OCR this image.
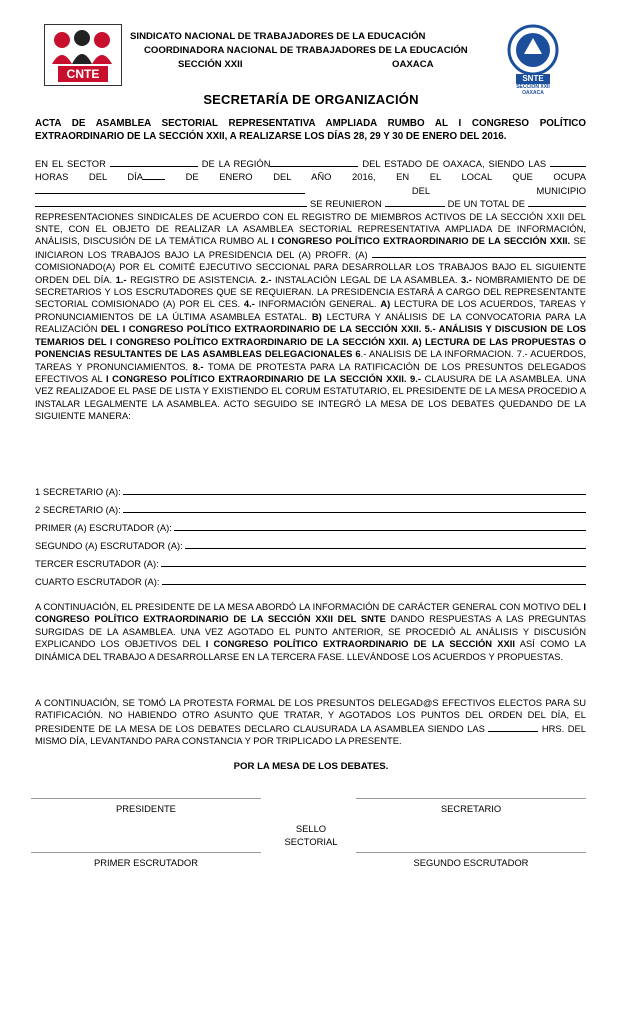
CNTE
SINDICATO NACIONAL DE TRABAJADORES DE LA EDUCACIÓN
COORDINADORA NACIONAL DE TRABAJADORES DE LA EDUCACIÓN
SECCIÓN XXII	OAXACA
SNTE
SECCION XXII OAXACA
SECRETARÍA DE ORGANIZACIÓN
ACTA DE ASAMBLEA SECTORIAL REPRESENTATIVA AMPLIADA RUMBO AL I CONGRESO POLÍTICO EXTRAORDINARIO DE LA SECCIÓN XXII, A REALIZARSE LOS DÍAS 28, 29 Y 30 DE ENERO DEL 2016.
EN EL SECTOR	DE LA REGIÓN	DEL ESTADO DE OAXACA, SIENDO LAS HORAS DEL DÍA DE ENERO DEL AÑO 2016, EN EL LOCAL QUE OCUPA  DEL MUNICIPIO  SE REUNIERON	DE UN TOTAL DE  REPRESENTACIONES SINDICALES DE ACUERDO CON EL REGISTRO DE MIEMBROS ACTIVOS DE LA SECCIÓN XXII DEL SNTE, CON EL OBJETO DE REALIZAR LA ASAMBLEA SECTORIAL REPRESENTATIVA AMPLIADA DE INFORMACIÓN, ANÁLISIS, DISCUSIÓN DE LA TEMÁTICA RUMBO AL I CONGRESO POLÍTICO EXTRAORDINARIO DE LA SECCIÓN XXII. SE INICIARON LOS TRABAJOS BAJO LA PRESIDENCIA DEL (A) PROFR. (A)  COMISIONADO(A) POR EL COMITÉ EJECUTIVO SECCIONAL PARA DESARROLLAR LOS TRABAJOS BAJO EL SIGUIENTE ORDEN DEL DÍA. 1.- REGISTRO DE ASISTENCIA. 2.- INSTALACIÓN LEGAL DE LA ASAMBLEA. 3.- NOMBRAMIENTO DE DE SECRETARIOS Y LOS ESCRUTADORES QUE SE REQUIERAN. LA PRESIDENCIA ESTARÁ A CARGO DEL REPRESENTANTE SECTORIAL COMISIONADO (A) POR EL CES. 4.- INFORMACIÓN GENERAL. A) LECTURA DE LOS ACUERDOS, TAREAS Y PRONUNCIAMIENTOS DE LA ÚLTIMA ASAMBLEA ESTATAL. B) LECTURA Y ANÁLISIS DE LA CONVOCATORIA PARA LA REALIZACIÓN DEL I CONGRESO POLÍTICO EXTRAORDINARIO DE LA SECCIÓN XXII. 5.- ANÁLISIS Y DISCUSION DE LOS TEMARIOS DEL I CONGRESO POLÍTICO EXTRAORDINARIO DE LA SECCIÓN XXII. A) LECTURA DE LAS PROPUESTAS O PONENCIAS RESULTANTES DE LAS ASAMBLEAS DELEGACIONALES 6.- ANALISIS DE LA INFORMACION. 7.- ACUERDOS, TAREAS Y PRONUNCIAMIENTOS. 8.- TOMA DE PROTESTA PARA LA RATIFICACIÓN DE LOS PRESUNTOS DELEGADOS EFECTIVOS AL I CONGRESO POLÍTICO EXTRAORDINARIO DE LA SECCIÓN XXII. 9.- CLAUSURA DE LA ASAMBLEA. UNA VEZ REALIZADOE EL PASE DE LISTA Y EXISTIENDO EL CORUM ESTATUTARIO, EL PRESIDENTE DE LA MESA PROCEDIO A INSTALAR LEGALMENTE LA ASAMBLEA. ACTO SEGUIDO SE INTEGRÓ LA MESA DE LOS DEBATES QUEDANDO DE LA SIGUIENTE MANERA:
1 SECRETARIO (A):
2 SECRETARIO (A):
PRIMER (A) ESCRUTADOR (A):
SEGUNDO (A) ESCRUTADOR (A):
TERCER ESCRUTADOR (A):
CUARTO ESCRUTADOR (A):
A CONTINUACIÓN, EL PRESIDENTE DE LA MESA ABORDÓ LA INFORMACIÓN DE CARÁCTER GENERAL CON MOTIVO DEL I CONGRESO POLÍTICO EXTRAORDINARIO DE LA SECCIÓN XXII DEL SNTE DANDO RESPUESTAS A LAS PREGUNTAS SURGIDAS DE LA ASAMBLEA. UNA VEZ AGOTADO EL PUNTO ANTERIOR, SE PROCEDIÓ AL ANÁLISIS Y DISCUSIÓN EXPLICANDO LOS OBJETIVOS DEL I CONGRESO POLÍTICO EXTRAORDINARIO DE LA SECCIÓN XXII ASÍ COMO LA DINÁMICA DEL TRABAJO A DESARROLLARSE EN LA TERCERA FASE. LLEVÁNDOSE LOS ACUERDOS Y PROPUESTAS.
A CONTINUACIÓN, SE TOMÓ LA PROTESTA FORMAL DE LOS PRESUNTOS DELEGAD@S EFECTIVOS ELECTOS PARA SU RATIFICACIÓN. NO HABIENDO OTRO ASUNTO QUE TRATAR, Y AGOTADOS LOS PUNTOS DEL ORDEN DEL DÍA, EL PRESIDENTE DE LA MESA DE LOS DEBATES DECLARO CLAUSURADA LA ASAMBLEA SIENDO LAS	HRS. DEL MISMO DÍA, LEVANTANDO PARA CONSTANCIA Y POR TRIPLICADO LA PRESENTE.
POR LA MESA DE LOS DEBATES.
PRESIDENTE	SECRETARIO
SELLO
SECTORIAL
PRIMER ESCRUTADOR	SEGUNDO ESCRUTADOR
